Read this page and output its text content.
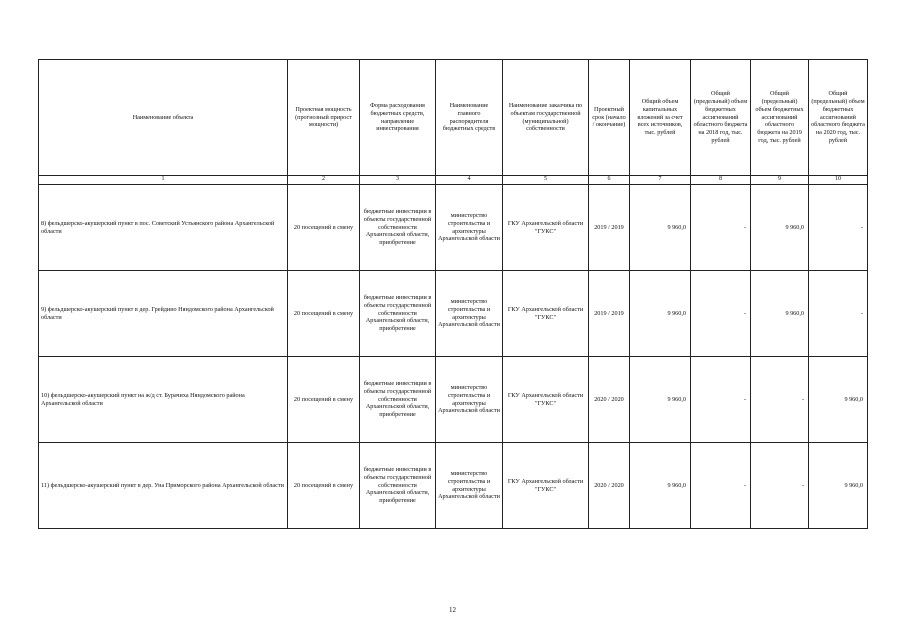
Наименование объекта	Проектная мощность (прогнозный прирост мощности)	Форма расходования бюджетных средств, направление инвестирования	Наименование главного распорядителя бюджетных средств	Наименование заказчика по объектам государственной (муниципальной) собственности	Проектный срок (начало / окончание)	Общий объем капитальных вложений за счет всех источников, тыс. рублей	Общий (предельный) объем бюджетных ассигнований областного бюджета на 2018 год, тыс. рублей	Общий (предельный) объем бюджетных ассигнований областного бюджета на 2019 год, тыс. рублей	Общий (предельный) объем бюджетных ассигнований областного бюджета на 2020 год, тыс. рублей
1	2	3	4	5	6	7	8	9	10
8) фельдшерско-акушерский пункт в пос. Советский Устьянского района Архангельской области	20 посещений в смену	бюджетные инвестиции в объекты государственной собственности Архангельской области, приобретение	министерство строительства и архитектуры Архангельской области	ГКУ Архангельской области "ГУКС"	2019 / 2019	9 960,0	-	9 960,0	-
9) фельдшерско-акушерский пункт в дер. Грейдино Няндомского района Архангельской области	20 посещений в смену	бюджетные инвестиции в объекты государственной собственности Архангельской области, приобретение	министерство строительства и архитектуры Архангельской области	ГКУ Архангельской области "ГУКС"	2019 / 2019	9 960,0	-	9 960,0	-
10) фельдшерско-акушерский пункт на ж/д ст. Бурачиха Няндомского района Архангельской области	20 посещений в смену	бюджетные инвестиции в объекты государственной собственности Архангельской области, приобретение	министерство строительства и архитектуры Архангельской области	ГКУ Архангельской области "ГУКС"	2020 / 2020	9 960,0	-	-	9 960,0
11) фельдшерско-акушерский пункт в дер. Уна Приморского района Архангельской области	20 посещений в смену	бюджетные инвестиции в объекты государственной собственности Архангельской области, приобретение	министерство строительства и архитектуры Архангельской области	ГКУ Архангельской области "ГУКС"	2020 / 2020	9 960,0	-	-	9 960,0
12
